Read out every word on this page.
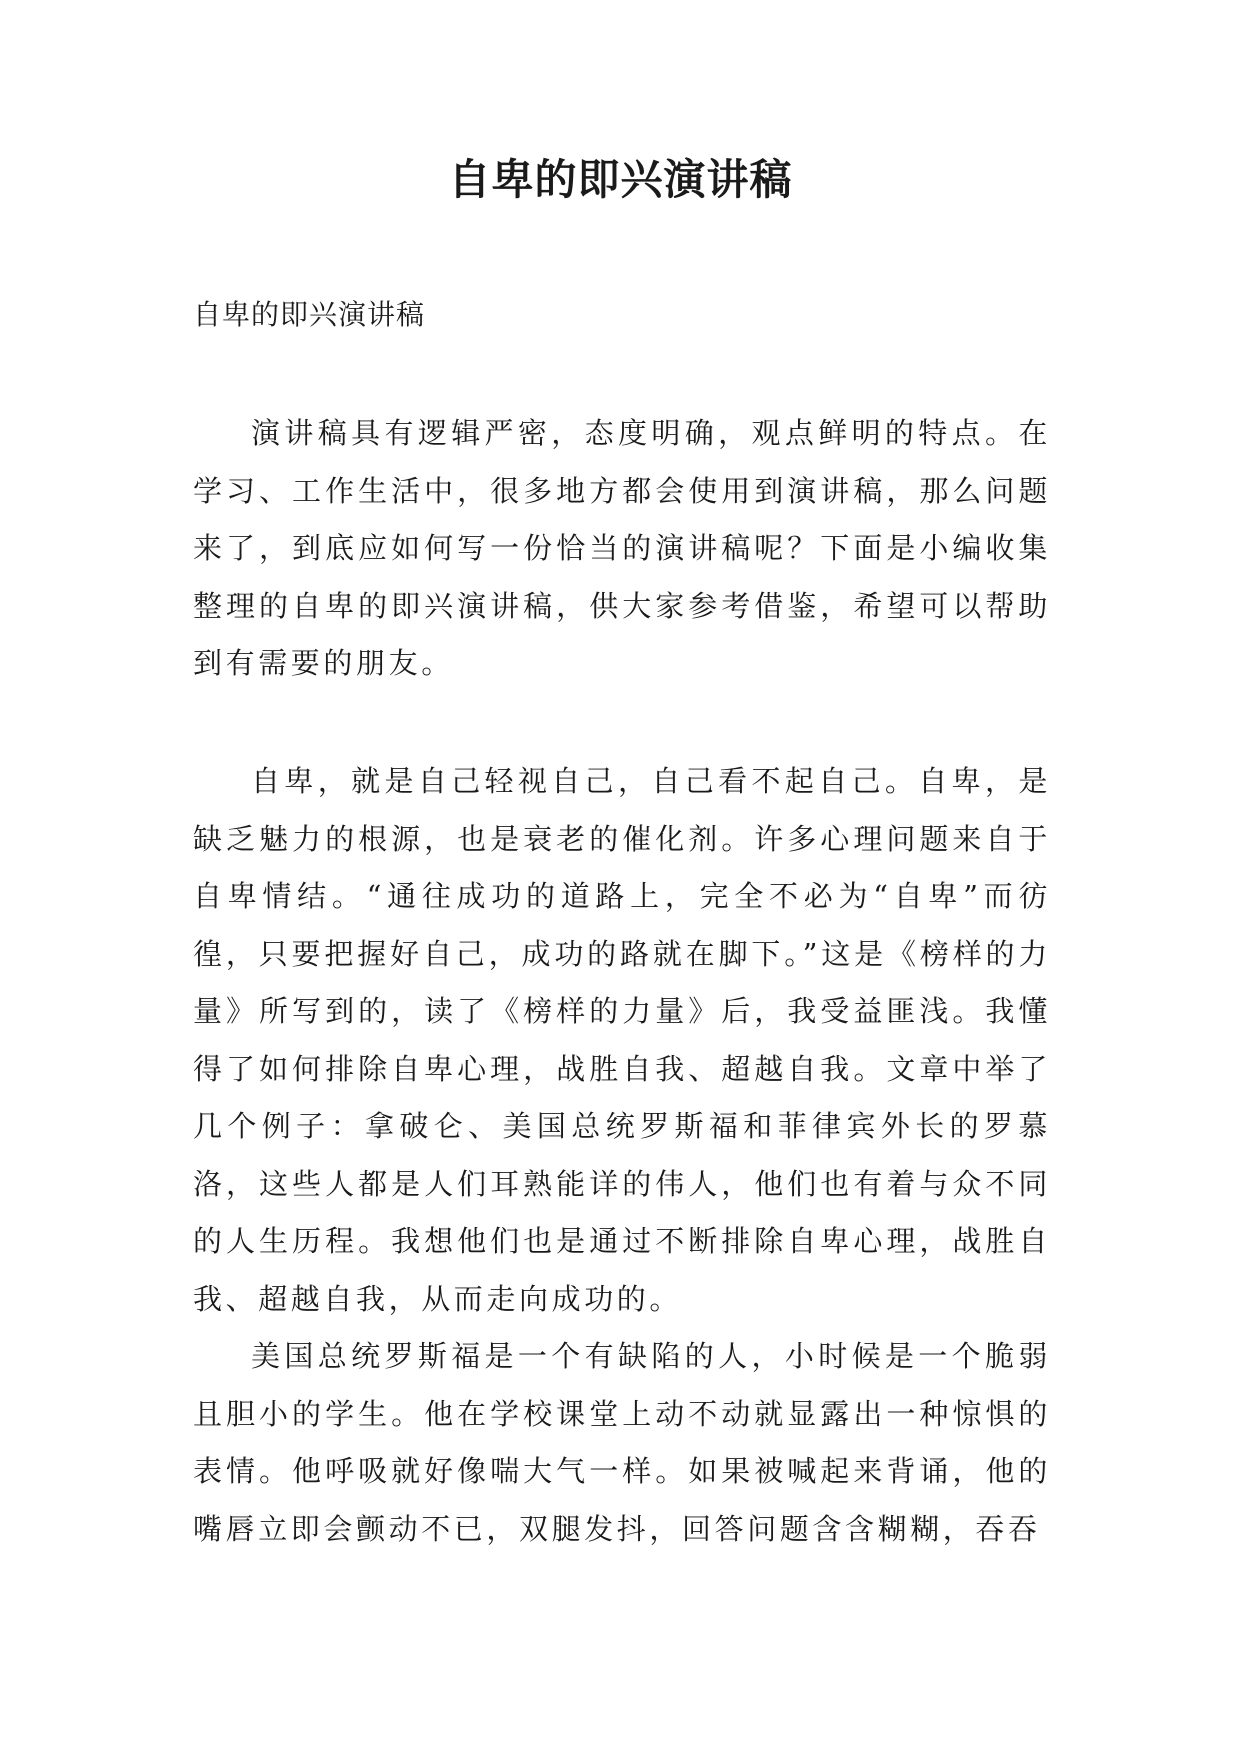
自卑的即兴演讲稿

自卑的即兴演讲稿

演讲稿具有逻辑严密，态度明确，观点鲜明的特点。在学习、工作生活中，很多地方都会使用到演讲稿，那么问题来了，到底应如何写一份恰当的演讲稿呢？下面是小编收集整理的自卑的即兴演讲稿，供大家参考借鉴，希望可以帮助到有需要的朋友。

自卑，就是自己轻视自己，自己看不起自己。自卑，是缺乏魅力的根源，也是衰老的催化剂。许多心理问题来自于自卑情结。“通往成功的道路上，完全不必为“自卑”而彷徨，只要把握好自己，成功的路就在脚下。”这是《榜样的力量》所写到的，读了《榜样的力量》后，我受益匪浅。我懂得了如何排除自卑心理，战胜自我、超越自我。文章中举了几个例子：拿破仑、美国总统罗斯福和菲律宾外长的罗慕洛，这些人都是人们耳熟能详的伟人，他们也有着与众不同的人生历程。我想他们也是通过不断排除自卑心理，战胜自我、超越自我，从而走向成功的。

美国总统罗斯福是一个有缺陷的人，小时候是一个脆弱且胆小的学生。他在学校课堂上动不动就显露出一种惊惧的表情。他呼吸就好像喘大气一样。如果被喊起来背诵，他的嘴唇立即会颤动不已，双腿发抖，回答问题含含糊糊，吞吞
